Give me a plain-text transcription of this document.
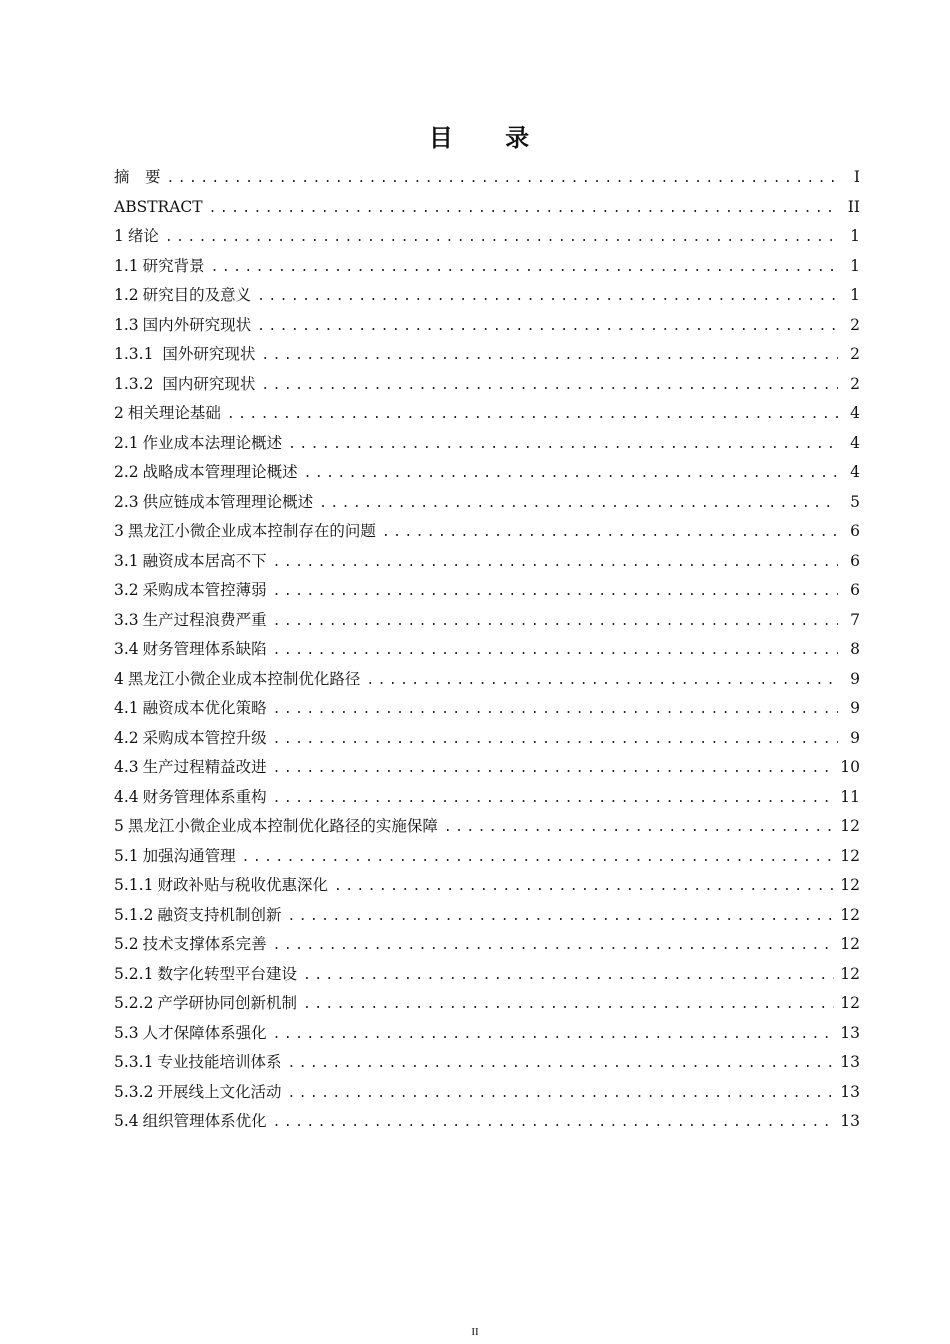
目 录
摘　要 .....	I
ABSTRACT .....	II
1 绪论 .....	1
1.1 研究背景 .....	1
1.2 研究目的及意义 .....	1
1.3 国内外研究现状 .....	2
1.3.1 国外研究现状 .....	2
1.3.2 国内研究现状 .....	2
2 相关理论基础 .....	4
2.1 作业成本法理论概述 .....	4
2.2 战略成本管理理论概述 .....	4
2.3 供应链成本管理理论概述 .....	5
3 黑龙江小微企业成本控制存在的问题 .....	6
3.1 融资成本居高不下 .....	6
3.2 采购成本管控薄弱 .....	6
3.3 生产过程浪费严重 .....	7
3.4 财务管理体系缺陷 .....	8
4 黑龙江小微企业成本控制优化路径 .....	9
4.1 融资成本优化策略 .....	9
4.2 采购成本管控升级 .....	9
4.3 生产过程精益改进 .....	10
4.4 财务管理体系重构 .....	11
5 黑龙江小微企业成本控制优化路径的实施保障 .....	12
5.1 加强沟通管理 .....	12
5.1.1 财政补贴与税收优惠深化 .....	12
5.1.2 融资支持机制创新 .....	12
5.2 技术支撑体系完善 .....	12
5.2.1 数字化转型平台建设 .....	12
5.2.2 产学研协同创新机制 .....	12
5.3 人才保障体系强化 .....	13
5.3.1 专业技能培训体系 .....	13
5.3.2 开展线上文化活动 .....	13
5.4 组织管理体系优化 .....	13
II
